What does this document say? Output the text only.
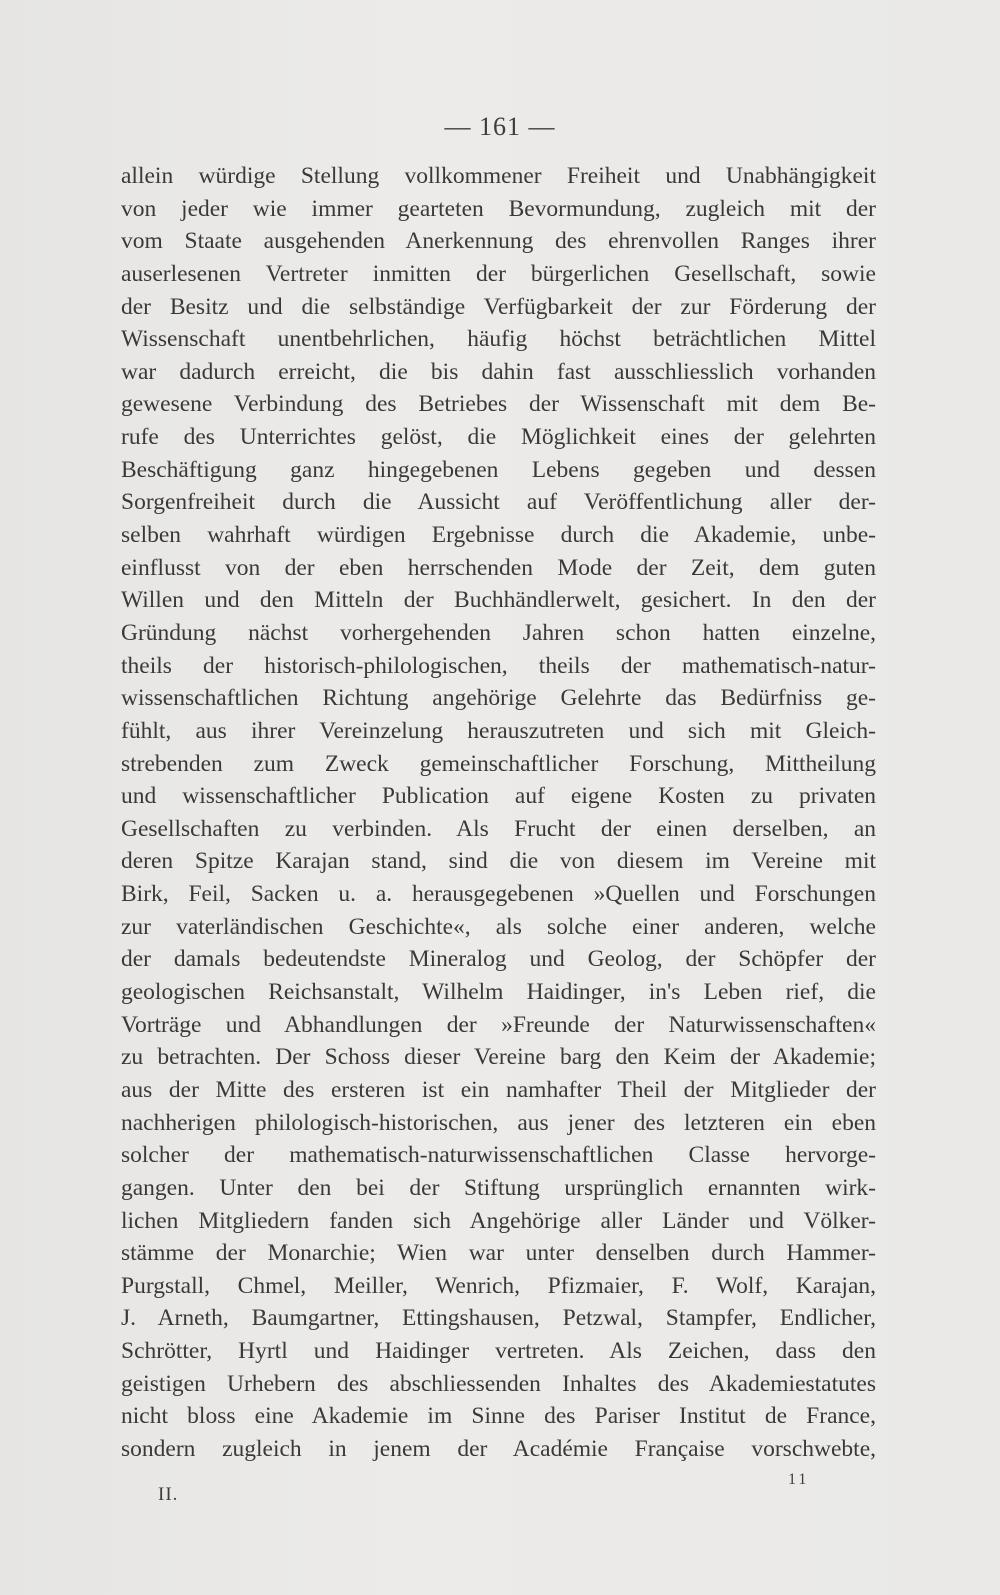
— 161 —
allein würdige Stellung vollkommener Freiheit und Unabhängigkeit
von jeder wie immer gearteten Bevormundung, zugleich mit der
vom Staate ausgehenden Anerkennung des ehrenvollen Ranges ihrer
auserlesenen Vertreter inmitten der bürgerlichen Gesellschaft, sowie
der Besitz und die selbständige Verfügbarkeit der zur Förderung der
Wissenschaft unentbehrlichen, häufig höchst beträchtlichen Mittel
war dadurch erreicht, die bis dahin fast ausschliesslich vorhanden
gewesene Verbindung des Betriebes der Wissenschaft mit dem Be-
rufe des Unterrichtes gelöst, die Möglichkeit eines der gelehrten
Beschäftigung ganz hingegebenen Lebens gegeben und dessen
Sorgenfreiheit durch die Aussicht auf Veröffentlichung aller der-
selben wahrhaft würdigen Ergebnisse durch die Akademie, unbe-
einflusst von der eben herrschenden Mode der Zeit, dem guten
Willen und den Mitteln der Buchhändlerwelt, gesichert. In den der
Gründung nächst vorhergehenden Jahren schon hatten einzelne,
theils der historisch-philologischen, theils der mathematisch-natur-
wissenschaftlichen Richtung angehörige Gelehrte das Bedürfniss ge-
fühlt, aus ihrer Vereinzelung herauszutreten und sich mit Gleich-
strebenden zum Zweck gemeinschaftlicher Forschung, Mittheilung
und wissenschaftlicher Publication auf eigene Kosten zu privaten
Gesellschaften zu verbinden. Als Frucht der einen derselben, an
deren Spitze Karajan stand, sind die von diesem im Vereine mit
Birk, Feil, Sacken u. a. herausgegebenen »Quellen und Forschungen
zur vaterländischen Geschichte«, als solche einer anderen, welche
der damals bedeutendste Mineralog und Geolog, der Schöpfer der
geologischen Reichsanstalt, Wilhelm Haidinger, in's Leben rief, die
Vorträge und Abhandlungen der »Freunde der Naturwissenschaften«
zu betrachten. Der Schoss dieser Vereine barg den Keim der Akademie;
aus der Mitte des ersteren ist ein namhafter Theil der Mitglieder der
nachherigen philologisch-historischen, aus jener des letzteren ein eben
solcher der mathematisch-naturwissenschaftlichen Classe hervorge-
gangen. Unter den bei der Stiftung ursprünglich ernannten wirk-
lichen Mitgliedern fanden sich Angehörige aller Länder und Völker-
stämme der Monarchie; Wien war unter denselben durch Hammer-
Purgstall, Chmel, Meiller, Wenrich, Pfizmaier, F. Wolf, Karajan,
J. Arneth, Baumgartner, Ettingshausen, Petzwal, Stampfer, Endlicher,
Schrötter, Hyrtl und Haidinger vertreten. Als Zeichen, dass den
geistigen Urhebern des abschliessenden Inhaltes des Akademiestatutes
nicht bloss eine Akademie im Sinne des Pariser Institut de France,
sondern zugleich in jenem der Académie Française vorschwebte,
II.
11
